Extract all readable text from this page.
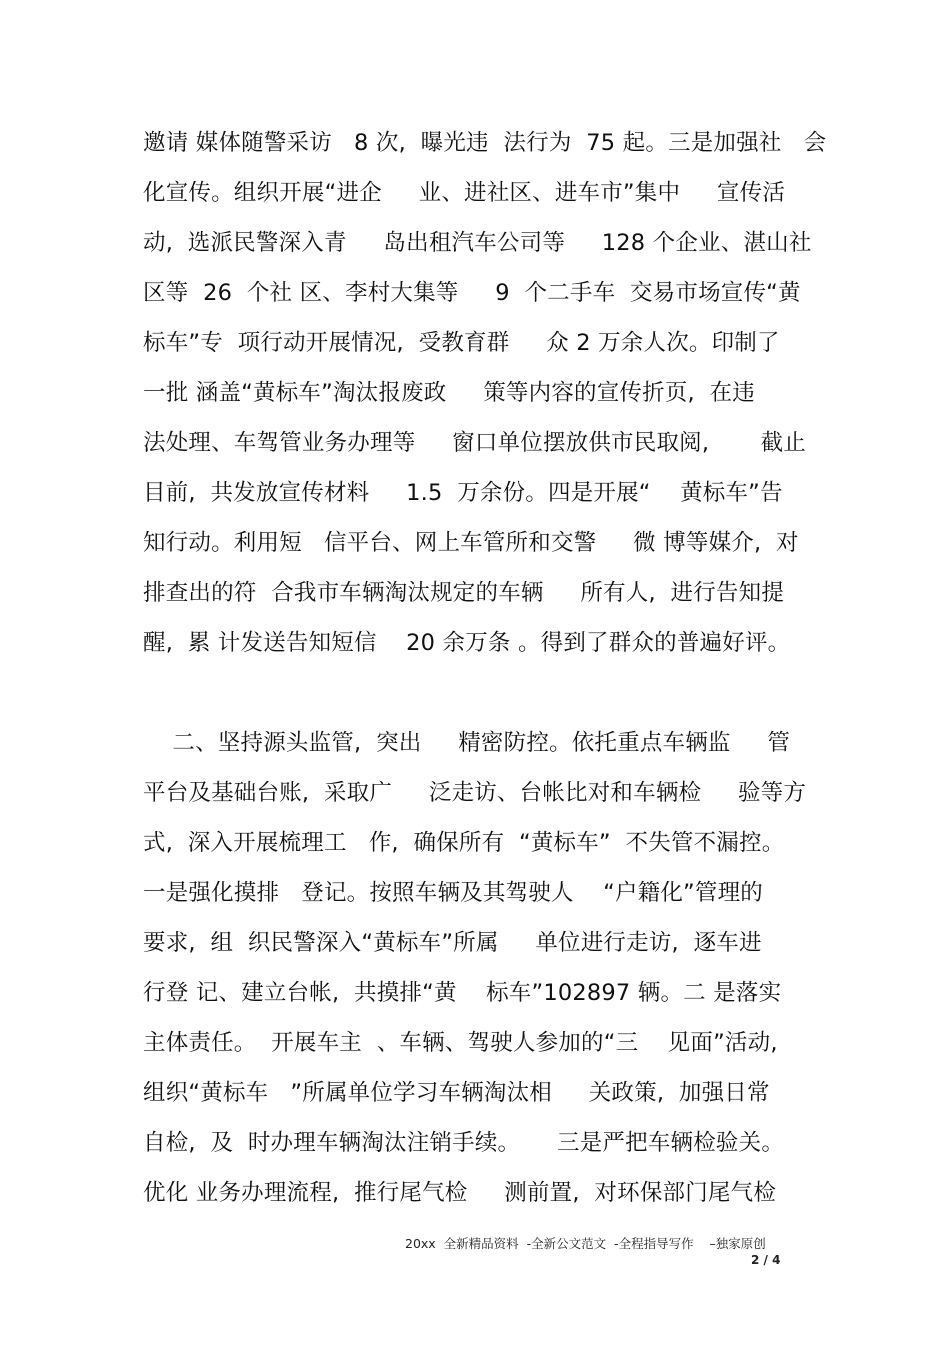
邀请 媒体随警采访   8 次,  曝光违  法行为  75 起。三是加强社   会
化宣传。组织开展“进企     业、进社区、进车市”集中     宣传活
动,  选派民警深入青     岛出租汽车公司等     128 个企业、湛山社
区等  26  个社 区、李村大集等     9  个二手车  交易市场宣传“黄
标车”专  项行动开展情况,  受教育群     众 2 万余人次。印制了
一批 涵盖“黄标车”淘汰报废政     策等内容的宣传折页,  在违
法处理、车驾管业务办理等     窗口单位摆放供市民取阅,       截止
目前,  共发放宣传材料     1.5  万余份。四是开展“    黄标车”告
知行动。利用短   信平台、网上车管所和交警     微 博等媒介,  对
排查出的符  合我市车辆淘汰规定的车辆     所有人,  进行告知提
醒,  累 计发送告知短信    20 余万条 。得到了群众的普遍好评。
二、坚持源头监管,  突出     精密防控。依托重点车辆监     管
平台及基础台账,  采取广     泛走访、台帐比对和车辆检     验等方
式,  深入开展梳理工   作,  确保所有  “黄标车”  不失管不漏控。
一是强化摸排   登记。按照车辆及其驾驶人    “户籍化”管理的
要求,  组  织民警深入“黄标车”所属     单位进行走访,  逐车进
行登 记、建立台帐,  共摸排“黄    标车”102897 辆。二 是落实
主体责任。  开展车主  、车辆、驾驶人参加的“三    见面”活动,
组织“黄标车   ”所属单位学习车辆淘汰相     关政策,  加强日常
自检,  及  时办理车辆淘汰注销手续。     三是严把车辆检验关。
优化 业务办理流程,  推行尾气检     测前置,  对环保部门尾气检
20xx  全新精品资料  -全新公文范文  -全程指导写作    –独家原创
2 / 4
